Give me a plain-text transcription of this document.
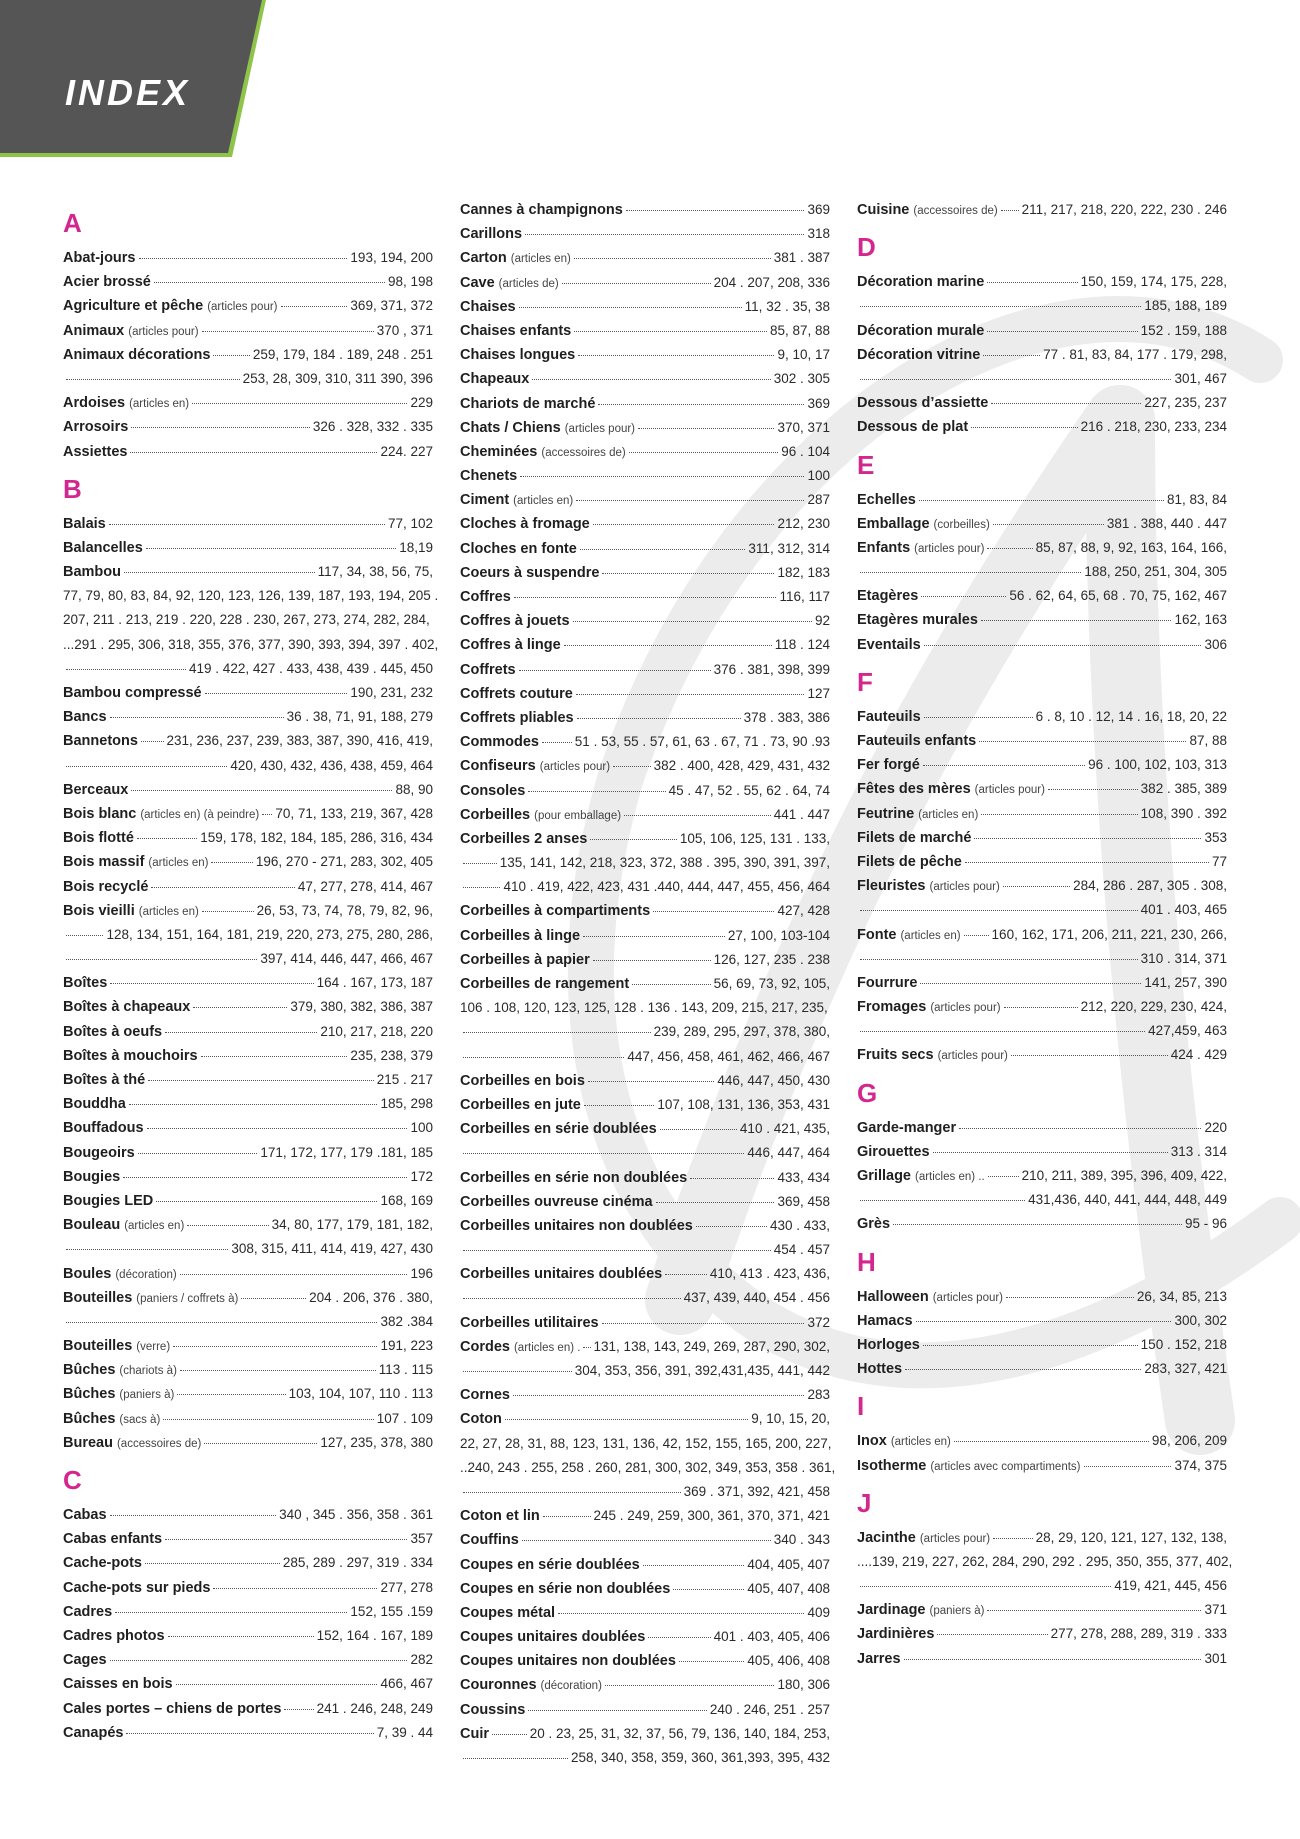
INDEX
A
Abat-jours	193, 194, 200
Acier brossé	98, 198
Agriculture et pêche (articles pour)	369, 371, 372
Animaux (articles pour)	370 , 371
Animaux décorations	259, 179, 184 . 189, 248 . 251
253, 28, 309, 310, 311 390, 396
Ardoises (articles en)	229
Arrosoirs	326 . 328, 332 . 335
Assiettes	224. 227
B
Balais	77, 102
Balancelles	18,19
Bambou	117, 34, 38, 56, 75,
77, 79, 80, 83, 84, 92, 120, 123, 126, 139, 187, 193, 194, 205 .
207, 211 . 213, 219 . 220, 228 . 230, 267, 273, 274, 282, 284,
...291 . 295, 306, 318, 355, 376, 377, 390, 393, 394, 397 . 402,
419 . 422, 427 . 433, 438, 439 . 445, 450
Bambou compressé	190, 231, 232
Bancs	36 . 38, 71, 91, 188, 279
Bannetons 231, 236, 237, 239, 383, 387, 390, 416, 419,
420, 430, 432, 436, 438, 459, 464
Berceaux	88, 90
Bois blanc (articles en) (à peindre) 70, 71, 133, 219, 367, 428
Bois flotté	159, 178, 182, 184, 185, 286, 316, 434
Bois massif (articles en)	196, 270 - 271, 283, 302, 405
Bois recyclé	47, 277, 278, 414, 467
Bois vieilli (articles en)	26, 53, 73, 74, 78, 79, 82, 96,
128, 134, 151, 164, 181, 219, 220, 273, 275, 280, 286,
397, 414, 446, 447, 466, 467
Boîtes	164 . 167, 173, 187
Boîtes à chapeaux	379, 380, 382, 386, 387
Boîtes à oeufs	210, 217, 218, 220
Boîtes à mouchoirs	235, 238, 379
Boîtes à thé	215 . 217
Bouddha	185, 298
Bouffadous	100
Bougeoirs	171, 172, 177, 179 .181, 185
Bougies	172
Bougies LED	168, 169
Bouleau (articles en)	34, 80, 177, 179, 181, 182,
308, 315, 411, 414, 419, 427, 430
Boules (décoration)	196
Bouteilles (paniers / coffrets à)	204 . 206, 376 . 380,
382 .384
Bouteilles (verre)	191, 223
Bûches (chariots à)	113 . 115
Bûches (paniers à)	103, 104, 107, 110 . 113
Bûches (sacs à)	107 . 109
Bureau (accessoires de)	127, 235, 378, 380
C
Cabas	340 , 345 . 356, 358 . 361
Cabas enfants	357
Cache-pots	285, 289 . 297, 319 . 334
Cache-pots sur pieds	277, 278
Cadres	152, 155 .159
Cadres photos	152, 164 . 167, 189
Cages	282
Caisses en bois	466, 467
Cales portes – chiens de portes	241 . 246, 248, 249
Canapés	7, 39 . 44
Cannes à champignons	369
Carillons	318
Carton (articles en)	381 . 387
Cave (articles de)	204 . 207, 208, 336
Chaises	11, 32 . 35, 38
Chaises enfants	85, 87, 88
Chaises longues	9, 10, 17
Chapeaux	302 . 305
Chariots de marché	369
Chats / Chiens (articles pour)	370, 371
Cheminées (accessoires de)	96 . 104
Chenets	100
Ciment (articles en)	287
Cloches à fromage	212, 230
Cloches en fonte	311, 312, 314
Coeurs à suspendre	182, 183
Coffres	116, 117
Coffres à jouets	92
Coffres à linge	118 . 124
Coffrets	376 . 381, 398, 399
Coffrets couture	127
Coffrets pliables	378 . 383, 386
Commodes	51 . 53, 55 . 57, 61, 63 . 67, 71 . 73, 90 .93
Confiseurs (articles pour)	382 . 400, 428, 429, 431, 432
Consoles	45 . 47, 52 . 55, 62 . 64, 74
Corbeilles (pour emballage)	441 . 447
Corbeilles 2 anses	105, 106, 125, 131 . 133,
135, 141, 142, 218, 323, 372, 388 . 395, 390, 391, 397,
410 . 419, 422, 423, 431 .440, 444, 447, 455, 456, 464
Corbeilles à compartiments	427, 428
Corbeilles à linge	27, 100, 103-104
Corbeilles à papier	126, 127, 235 . 238
Corbeilles de rangement	56, 69, 73, 92, 105,
106 . 108, 120, 123, 125, 128 . 136 . 143, 209, 215, 217, 235,
239, 289, 295, 297, 378, 380,
447, 456, 458, 461, 462, 466, 467
Corbeilles en bois	446, 447, 450, 430
Corbeilles en jute	107, 108, 131, 136, 353, 431
Corbeilles en série doublées	410 . 421, 435,
446, 447, 464
Corbeilles en série non doublées	433, 434
Corbeilles ouvreuse cinéma	369, 458
Corbeilles unitaires non doublées	430 . 433,
454 . 457
Corbeilles unitaires doublées	410, 413 . 423, 436,
437, 439, 440, 454 . 456
Corbeilles utilitaires	372
Cordes (articles en) . 131, 138, 143, 249, 269, 287, 290, 302,
304, 353, 356, 391, 392,431,435, 441, 442
Cornes	283
Coton	9, 10, 15, 20,
22, 27, 28, 31, 88, 123, 131, 136, 42, 152, 155, 165, 200, 227,
..240, 243 . 255, 258 . 260, 281, 300, 302, 349, 353, 358 . 361,
369 . 371, 392, 421, 458
Coton et lin	245 . 249, 259, 300, 361, 370, 371, 421
Couffins	340 . 343
Coupes en série doublées	404, 405, 407
Coupes en série non doublées	405, 407, 408
Coupes métal	409
Coupes unitaires doublées	401 . 403, 405, 406
Coupes unitaires non doublées	405, 406, 408
Couronnes (décoration)	180, 306
Coussins	240 . 246, 251 . 257
Cuir	20 . 23, 25, 31, 32, 37, 56, 79, 136, 140, 184, 253,
258, 340, 358, 359, 360, 361,393, 395, 432
Cuisine (accessoires de) 211, 217, 218, 220, 222, 230 . 246
D
Décoration marine	150, 159, 174, 175, 228,
185, 188, 189
Décoration murale	152 . 159, 188
Décoration vitrine	77 . 81, 83, 84, 177 . 179, 298,
301, 467
Dessous d’assiette	227, 235, 237
Dessous de plat	216 . 218, 230, 233, 234
E
Echelles	81, 83, 84
Emballage (corbeilles)	381 . 388, 440 . 447
Enfants (articles pour)	85, 87, 88, 9, 92, 163, 164, 166,
188, 250, 251, 304, 305
Etagères	56 . 62, 64, 65, 68 . 70, 75, 162, 467
Etagères murales	162, 163
Eventails	306
F
Fauteuils	6 . 8, 10 . 12, 14 . 16, 18, 20, 22
Fauteuils enfants	87, 88
Fer forgé	96 . 100, 102, 103, 313
Fêtes des mères (articles pour)	382 . 385, 389
Feutrine (articles en)	108, 390 . 392
Filets de marché	353
Filets de pêche	77
Fleuristes (articles pour)	284, 286 . 287, 305 . 308,
401 . 403, 465
Fonte (articles en) 160, 162, 171, 206, 211, 221, 230, 266,
310 . 314, 371
Fourrure	141, 257, 390
Fromages (articles pour)	212, 220, 229, 230, 424,
427,459, 463
Fruits secs (articles pour)	424 . 429
G
Garde-manger	220
Girouettes	313 . 314
Grillage (articles en) ..	210, 211, 389, 395, 396, 409, 422,
431,436, 440, 441, 444, 448, 449
Grès	95 - 96
H
Halloween (articles pour)	26, 34, 85, 213
Hamacs	300, 302
Horloges	150 . 152, 218
Hottes	283, 327, 421
I
Inox (articles en)	98, 206, 209
Isotherme (articles avec compartiments)	374, 375
J
Jacinthe (articles pour)	28, 29, 120, 121, 127, 132, 138,
....139, 219, 227, 262, 284, 290, 292 . 295, 350, 355, 377, 402,
419, 421, 445, 456
Jardinage (paniers à)	371
Jardinières	277, 278, 288, 289, 319 . 333
Jarres	301
